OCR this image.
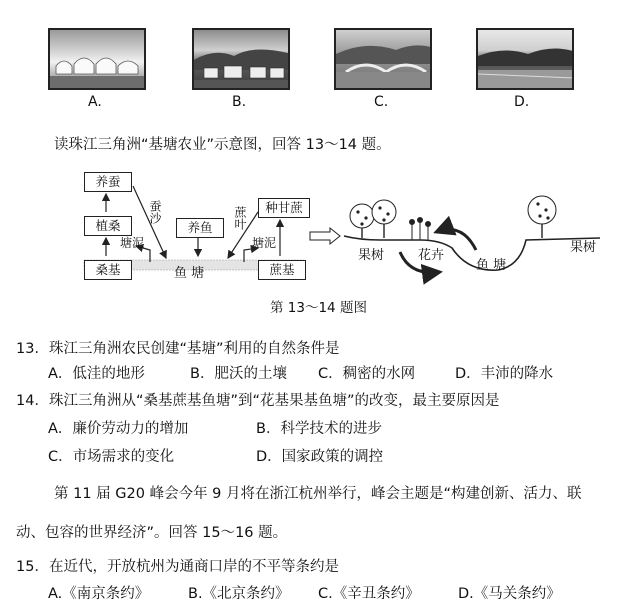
A.	B.	C.	D.
读珠江三角洲“基塘农业”示意图，回答 13～14 题。
养蚕
植桑
桑基
养鱼
种甘蔗
蔗基
鱼 塘
蚕沙
塘泥
蔗叶
塘泥
果树	花卉
鱼 塘
果树
第 13～14 题图
13．珠江三角洲农民创建“基塘”利用的自然条件是
A．低洼的地形	B．肥沃的土壤 C．稠密的水网	D．丰沛的降水
14．珠江三角洲从“桑基蔗基鱼塘”到“花基果基鱼塘”的改变，最主要原因是
A．廉价劳动力的增加	B．科学技术的进步
C．市场需求的变化	D．国家政策的调控
第 11 届 G20 峰会今年 9 月将在浙江杭州举行，峰会主题是“构建创新、活力、联
动、包容的世界经济”。回答 15～16 题。
15．在近代，开放杭州为通商口岸的不平等条约是
A.《南京条约》	B.《北京条约》 C.《辛丑条约》	D.《马关条约》
